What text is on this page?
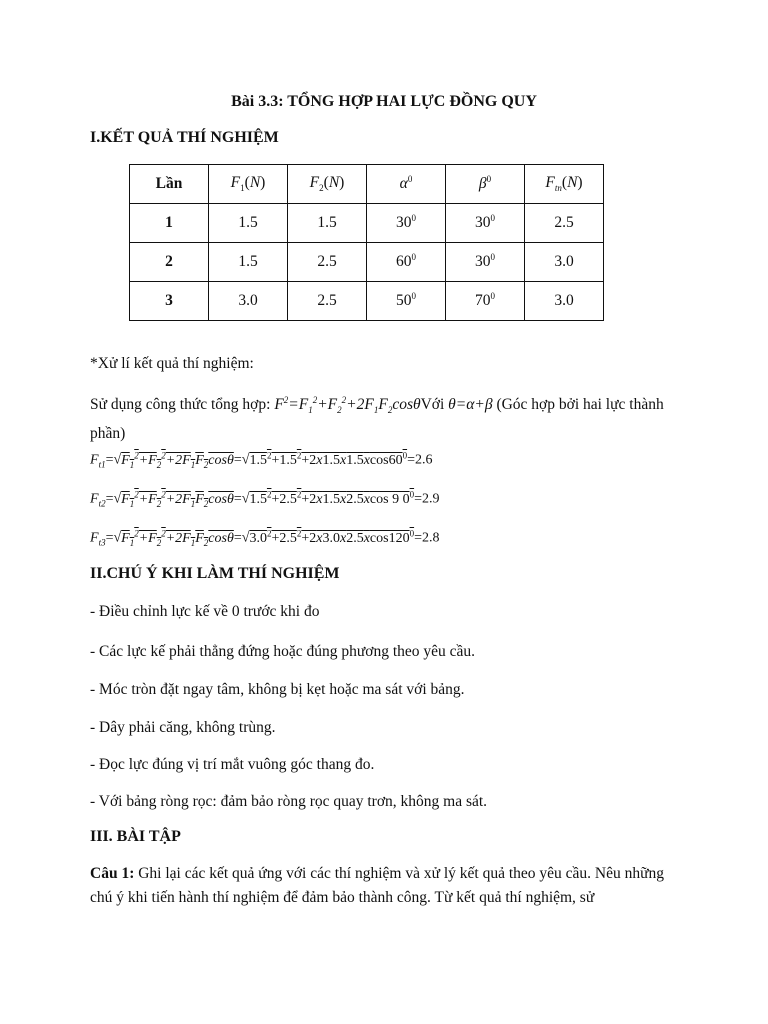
Bài 3.3: TỔNG HỢP HAI LỰC ĐỒNG QUY
I.KẾT QUẢ THÍ NGHIỆM
Lần	$F_1(N)$	$F_2(N)$	$\alpha^0$	$\beta^0$	$F_{tn}(N)$
1	1.5	1.5	$30^0$	$30^0$	2.5
2	1.5	2.5	$60^0$	$30^0$	3.0
3	3.0	2.5	$50^0$	$70^0$	3.0
*Xử lí kết quả thí nghiệm:
Sử dụng công thức tổng hợp: $F^2=F_1^2+F_2^2+2F_1F_2\cos\theta Với$ θ=α+β (Góc hợp bởi hai lực thành phần)
$F_{t1}=√F_1^2+F_2^2+2F_1F_2\cos\theta=√1.5^2+1.5^2+2x1.5x1.5xcos60^0=2.6$
$F_{t2}=√F_1^2+F_2^2+2F_1F_2\cos\theta=√1.5^2+2.5^2+2x1.5x2.5xcos$ 9 $0^0=2.9$
$F_{t3}=√F_1^2+F_2^2+2F_1F_2\cos\theta=√3.0^2+2.5^2+2x3.0x2.5xcos120^0=2.8$
II.CHÚ Ý KHI LÀM THÍ NGHIỆM
- Điều chỉnh lực kế về 0 trước khi đo
- Các lực kế phải thẳng đứng hoặc đúng phương theo yêu cầu.
- Móc tròn đặt ngay tâm, không bị kẹt hoặc ma sát với bảng.
- Dây phải căng, không trùng.
- Đọc lực đúng vị trí mắt vuông góc thang đo.
- Với bảng ròng rọc: đảm bảo ròng rọc quay trơn, không ma sát.
III. BÀI TẬP
Câu 1: Ghi lại các kết quả ứng với các thí nghiệm và xử lý kết quả theo yêu cầu. Nêu những chú ý khi tiến hành thí nghiệm để đảm bảo thành công. Từ kết quả thí nghiệm, sử
